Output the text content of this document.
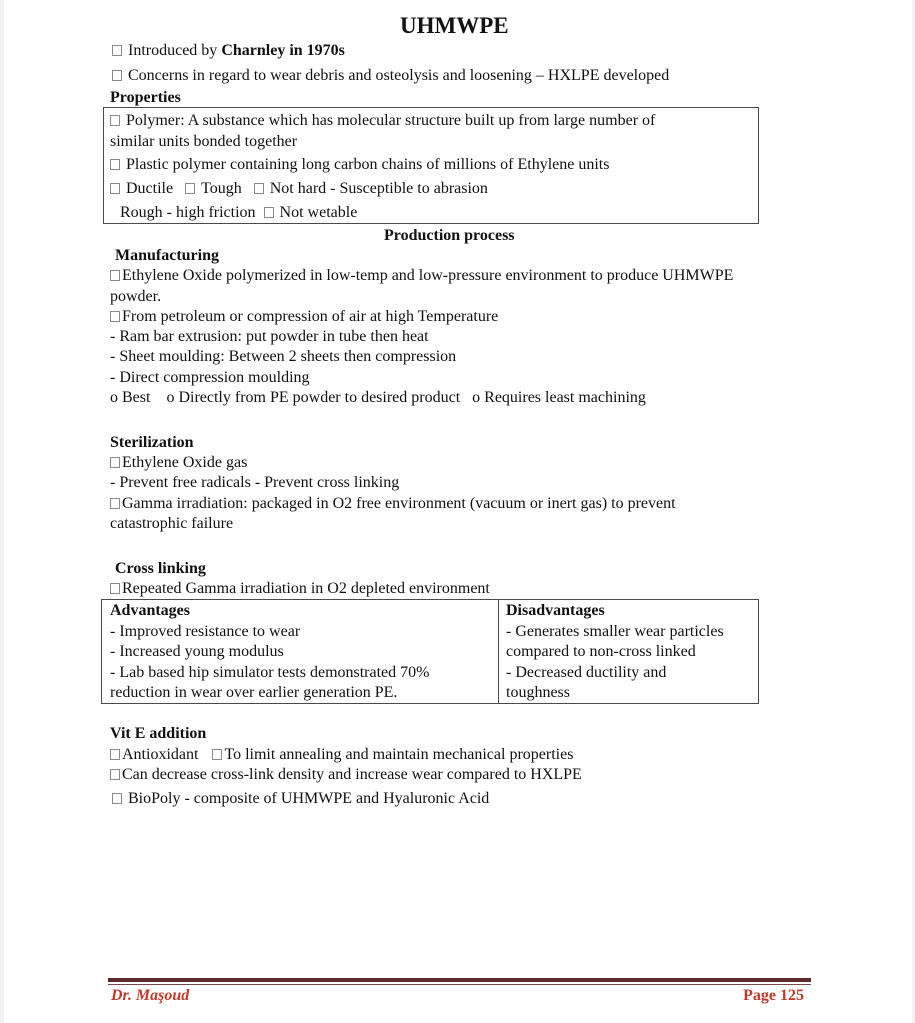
UHMWPE
Introduced by Charnley in 1970s
Concerns in regard to wear debris and osteolysis and loosening – HXLPE developed
Properties
Polymer: A substance which has molecular structure built up from large number of
similar units bonded together
Plastic polymer containing long carbon chains of millions of Ethylene units
Ductile Tough Not hard - Susceptible to abrasion
Rough - high friction Not wetable
Production process
Manufacturing
Ethylene Oxide polymerized in low-temp and low-pressure environment to produce UHMWPE
powder.
From petroleum or compression of air at high Temperature
- Ram bar extrusion: put powder in tube then heat
- Sheet moulding: Between 2 sheets then compression
- Direct compression moulding
o Best o Directly from PE powder to desired product o Requires least machining
Sterilization
Ethylene Oxide gas
- Prevent free radicals - Prevent cross linking
Gamma irradiation: packaged in O2 free environment (vacuum or inert gas) to prevent
catastrophic failure
Cross linking
Repeated Gamma irradiation in O2 depleted environment
Advantages
- Improved resistance to wear
- Increased young modulus
- Lab based hip simulator tests demonstrated 70%
reduction in wear over earlier generation PE.
Disadvantages
- Generates smaller wear particles
compared to non-cross linked
- Decreased ductility and
toughness
Vit E addition
Antioxidant To limit annealing and maintain mechanical properties
Can decrease cross-link density and increase wear compared to HXLPE
BioPoly - composite of UHMWPE and Hyaluronic Acid
Dr. Maşoud	Page 125
